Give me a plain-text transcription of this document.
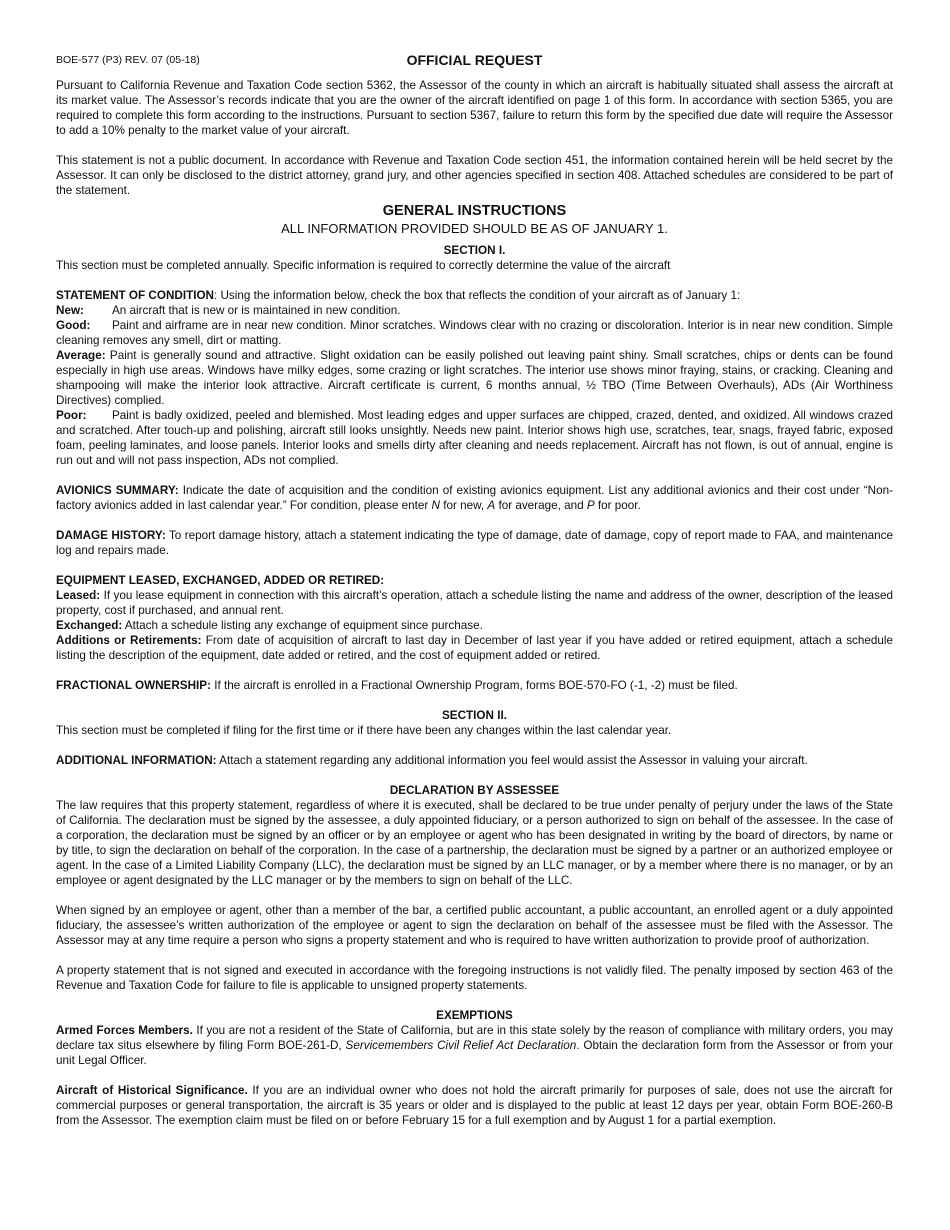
BOE-577 (P3) REV. 07 (05-18)	OFFICIAL REQUEST

Pursuant to California Revenue and Taxation Code section 5362, the Assessor of the county in which an aircraft is habitually situated shall assess the aircraft at its market value. The Assessor’s records indicate that you are the owner of the aircraft identified on page 1 of this form. In accordance with section 5365, you are required to complete this form according to the instructions. Pursuant to section 5367, failure to return this form by the specified due date will require the Assessor to add a 10% penalty to the market value of your aircraft.

This statement is not a public document. In accordance with Revenue and Taxation Code section 451, the information contained herein will be held secret by the Assessor. It can only be disclosed to the district attorney, grand jury, and other agencies specified in section 408. Attached schedules are considered to be part of the statement.

GENERAL INSTRUCTIONS
ALL INFORMATION PROVIDED SHOULD BE AS OF JANUARY 1.
SECTION I.

This section must be completed annually. Specific information is required to correctly determine the value of the aircraft

STATEMENT OF CONDITION: Using the information below, check the box that reflects the condition of your aircraft as of January 1:

New: An aircraft that is new or is maintained in new condition.

Good: Paint and airframe are in near new condition. Minor scratches. Windows clear with no crazing or discoloration. Interior is in near new condition. Simple cleaning removes any smell, dirt or matting.

Average: Paint is generally sound and attractive. Slight oxidation can be easily polished out leaving paint shiny. Small scratches, chips or dents can be found especially in high use areas. Windows have milky edges, some crazing or light scratches. The interior use shows minor fraying, stains, or cracking. Cleaning and shampooing will make the interior look attractive. Aircraft certificate is current, 6 months annual, ½ TBO (Time Between Overhauls), ADs (Air Worthiness Directives) complied.

Poor: Paint is badly oxidized, peeled and blemished. Most leading edges and upper surfaces are chipped, crazed, dented, and oxidized. All windows crazed and scratched. After touch-up and polishing, aircraft still looks unsightly. Needs new paint. Interior shows high use, scratches, tear, snags, frayed fabric, exposed foam, peeling laminates, and loose panels. Interior looks and smells dirty after cleaning and needs replacement. Aircraft has not flown, is out of annual, engine is run out and will not pass inspection, ADs not complied.

AVIONICS SUMMARY: Indicate the date of acquisition and the condition of existing avionics equipment. List any additional avionics and their cost under “Non-factory avionics added in last calendar year.” For condition, please enter N for new, A for average, and P for poor.

DAMAGE HISTORY: To report damage history, attach a statement indicating the type of damage, date of damage, copy of report made to FAA, and maintenance log and repairs made.

EQUIPMENT LEASED, EXCHANGED, ADDED OR RETIRED:

Leased: If you lease equipment in connection with this aircraft’s operation, attach a schedule listing the name and address of the owner, description of the leased property, cost if purchased, and annual rent.

Exchanged: Attach a schedule listing any exchange of equipment since purchase.

Additions or Retirements: From date of acquisition of aircraft to last day in December of last year if you have added or retired equipment, attach a schedule listing the description of the equipment, date added or retired, and the cost of equipment added or retired.

FRACTIONAL OWNERSHIP: If the aircraft is enrolled in a Fractional Ownership Program, forms BOE-570-FO (-1, -2) must be filed.

SECTION II.

This section must be completed if filing for the first time or if there have been any changes within the last calendar year.

ADDITIONAL INFORMATION: Attach a statement regarding any additional information you feel would assist the Assessor in valuing your aircraft.

DECLARATION BY ASSESSEE

The law requires that this property statement, regardless of where it is executed, shall be declared to be true under penalty of perjury under the laws of the State of California. The declaration must be signed by the assessee, a duly appointed fiduciary, or a person authorized to sign on behalf of the assessee. In the case of a corporation, the declaration must be signed by an officer or by an employee or agent who has been designated in writing by the board of directors, by name or by title, to sign the declaration on behalf of the corporation. In the case of a partnership, the declaration must be signed by a partner or an authorized employee or agent. In the case of a Limited Liability Company (LLC), the declaration must be signed by an LLC manager, or by a member where there is no manager, or by an employee or agent designated by the LLC manager or by the members to sign on behalf of the LLC.

When signed by an employee or agent, other than a member of the bar, a certified public accountant, a public accountant, an enrolled agent or a duly appointed fiduciary, the assessee’s written authorization of the employee or agent to sign the declaration on behalf of the assessee must be filed with the Assessor. The Assessor may at any time require a person who signs a property statement and who is required to have written authorization to provide proof of authorization.

A property statement that is not signed and executed in accordance with the foregoing instructions is not validly filed. The penalty imposed by section 463 of the Revenue and Taxation Code for failure to file is applicable to unsigned property statements.

EXEMPTIONS

Armed Forces Members. If you are not a resident of the State of California, but are in this state solely by the reason of compliance with military orders, you may declare tax situs elsewhere by filing Form BOE-261-D, Servicemembers Civil Relief Act Declaration. Obtain the declaration form from the Assessor or from your unit Legal Officer.

Aircraft of Historical Significance. If you are an individual owner who does not hold the aircraft primarily for purposes of sale, does not use the aircraft for commercial purposes or general transportation, the aircraft is 35 years or older and is displayed to the public at least 12 days per year, obtain Form BOE-260-B from the Assessor. The exemption claim must be filed on or before February 15 for a full exemption and by August 1 for a partial exemption.
